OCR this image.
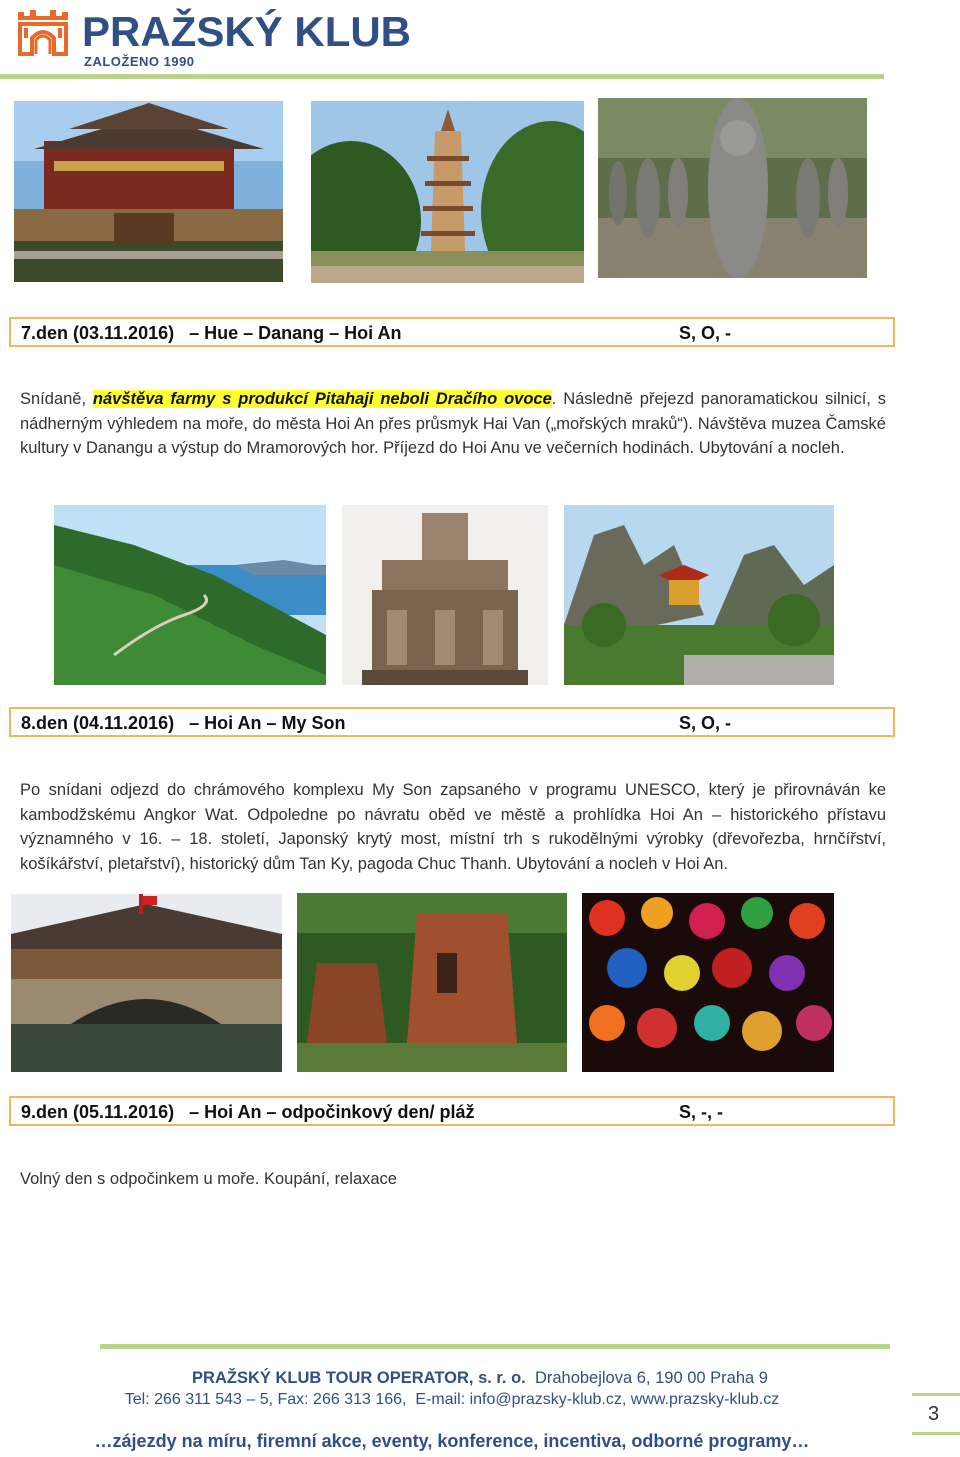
PRAŽSKÝ KLUB
ZALOŽENO 1990
7.den (03.11.2016)   – Hue – Danang – Hoi An	S, O, -
Snídaně, návštěva farmy s produkcí Pitahaji neboli Dračího ovoce. Následně přejezd panoramatickou silnicí, s nádherným výhledem na moře, do města Hoi An přes průsmyk Hai Van („mořských mraků“). Návštěva muzea Čamské kultury v Danangu a výstup do Mramorových hor. Příjezd do Hoi Anu ve večerních hodinách. Ubytování a nocleh.
8.den (04.11.2016)   – Hoi An – My Son	S, O, -
Po snídani odjezd do chrámového komplexu My Son zapsaného v programu UNESCO, který je přirovnáván ke kambodžskému Angkor Wat. Odpoledne po návratu oběd ve městě a prohlídka Hoi An – historického přístavu významného v 16. – 18. století, Japonský krytý most, místní trh s rukodělnými výrobky (dřevořezba, hrnčířství, košíkářství, pletařství), historický dům Tan Ky, pagoda Chuc Thanh. Ubytování a nocleh v Hoi An.
9.den (05.11.2016)   – Hoi An – odpočinkový den/ pláž	S, -, -
Volný den s odpočinkem u moře. Koupání, relaxace
PRAŽSKÝ KLUB TOUR OPERATOR, s. r. o. Drahobejlova 6, 190 00 Praha 9
Tel: 266 311 543 – 5, Fax: 266 313 166,  E-mail: info@prazsky-klub.cz, www.prazsky-klub.cz
…zájezdy na míru, firemní akce, eventy, konference, incentiva, odborné programy…
3
